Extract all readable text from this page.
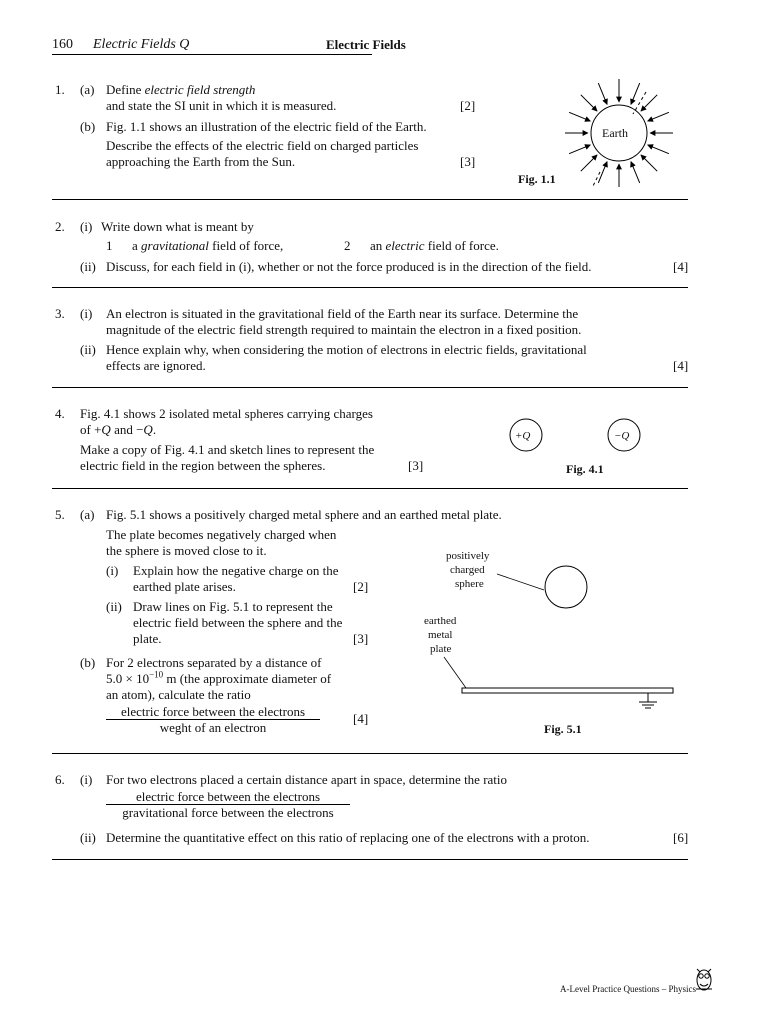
160 Electric Fields Q	Electric Fields
1. (a) Define electric field strength
and state the SI unit in which it is measured.	[2]
(b) Fig. 1.1 shows an illustration of the electric field of the Earth.
Describe the effects of the electric field on charged particles
approaching the Earth from the Sun.	[3]
Earth
Fig. 1.1
2. (i) Write down what is meant by
1 a gravitational field of force,	2 an electric field of force.
(ii) Discuss, for each field in (i), whether or not the force produced is in the direction of the field.	[4]
3. (i) An electron is situated in the gravitational field of the Earth near its surface. Determine the
magnitude of the electric field strength required to maintain the electron in a fixed position.
(ii) Hence explain why, when considering the motion of electrons in electric fields, gravitational
effects are ignored.	[4]
4. Fig. 4.1 shows 2 isolated metal spheres carrying charges
of +Q and −Q.
Make a copy of Fig. 4.1 and sketch lines to represent the
electric field in the region between the spheres.	[3]
+Q	−Q
Fig. 4.1
5. (a) Fig. 5.1 shows a positively charged metal sphere and an earthed metal plate.
The plate becomes negatively charged when
the sphere is moved close to it.
(i) Explain how the negative charge on the
earthed plate arises.	[2]
(ii) Draw lines on Fig. 5.1 to represent the
electric field between the sphere and the
plate.	[3]
(b) For 2 electrons separated by a distance of
$5.0 \times 10^{-10}$ m (the approximate diameter of
an atom), calculate the ratio
electric force between the electrons
weght of an electron
[4]
positively
charged
sphere
earthed
metal
plate
Fig. 5.1
6. (i) For two electrons placed a certain distance apart in space, determine the ratio
electric force between the electrons
gravitational force between the electrons
(ii) Determine the quantitative effect on this ratio of replacing one of the electrons with a proton.	[6]
A-Level Practice Questions – Physics
